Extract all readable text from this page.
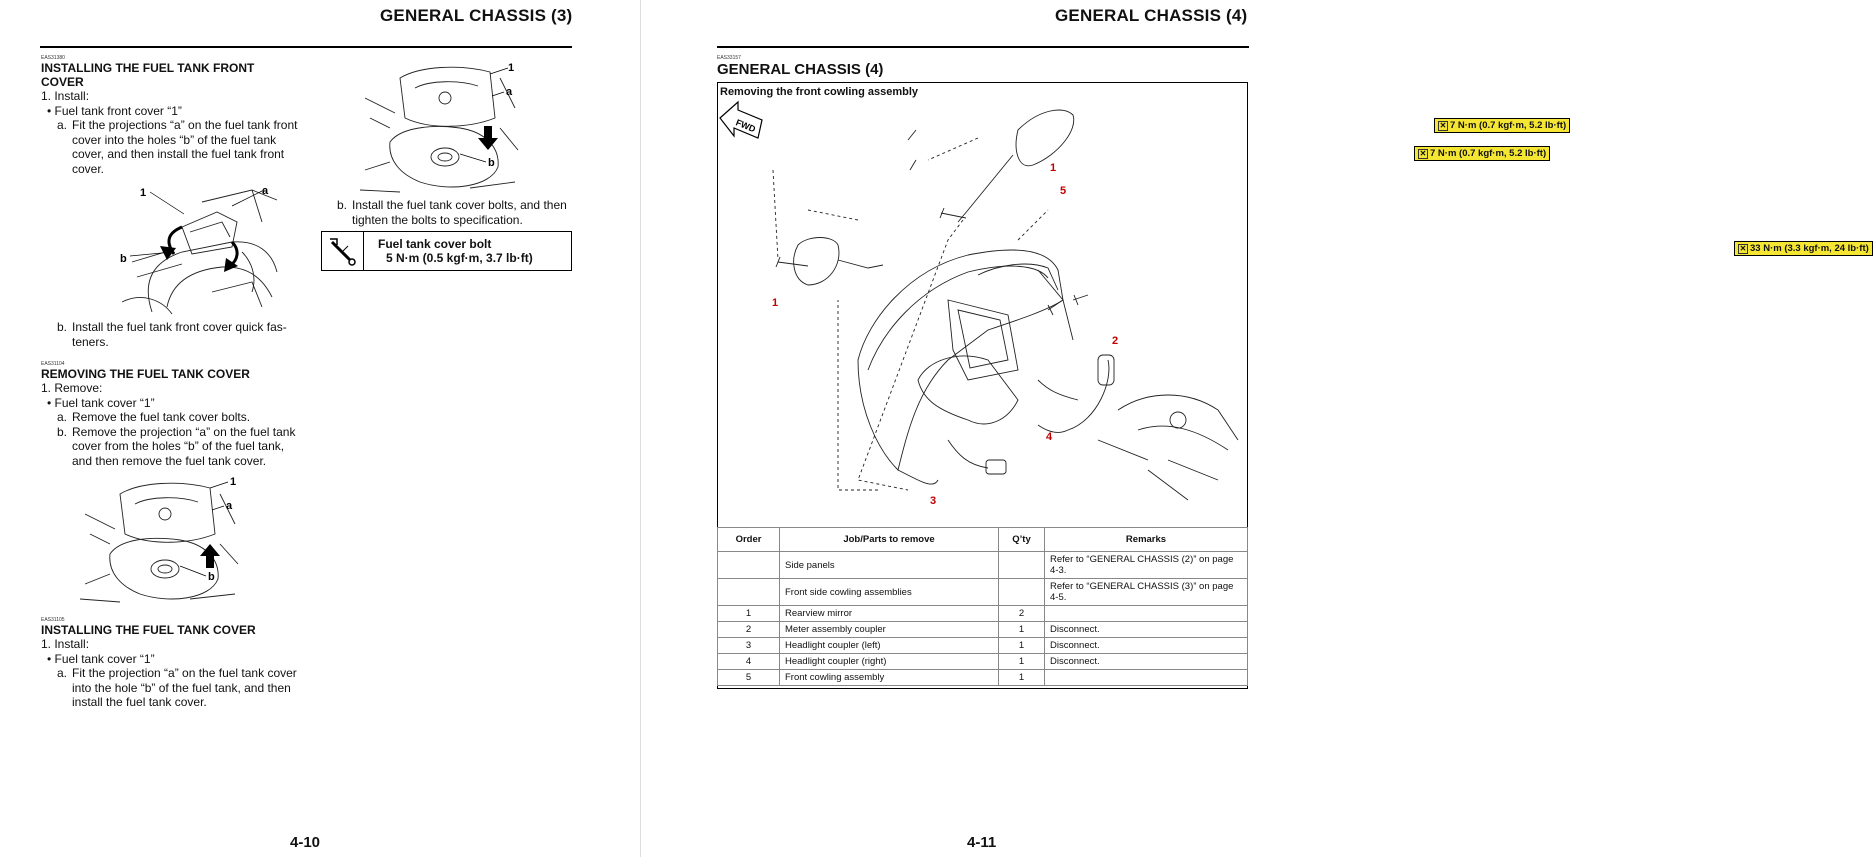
GENERAL CHASSIS (3)
EAS31380
INSTALLING THE FUEL TANK FRONT
COVER
1. Install:
• Fuel tank front cover “1”
a. Fit the projections “a” on the fuel tank front
cover into the holes “b” of the fuel tank
cover, and then install the fuel tank front
cover.
1
b
a
b. Install the fuel tank front cover quick fas-
teners.
EAS31104
REMOVING THE FUEL TANK COVER
1. Remove:
• Fuel tank cover “1”
a. Remove the fuel tank cover bolts.
b. Remove the projection “a” on the fuel tank
cover from the holes “b” of the fuel tank,
and then remove the fuel tank cover.
1
a
b
EAS31105
INSTALLING THE FUEL TANK COVER
1. Install:
• Fuel tank cover “1”
a. Fit the projection “a” on the fuel tank cover
into the hole “b” of the fuel tank, and then
install the fuel tank cover.
1
a
b
b. Install the fuel tank cover bolts, and then
tighten the bolts to specification.
Fuel tank cover bolt
5 N·m (0.5 kgf·m, 3.7 lb·ft)
4-10
GENERAL CHASSIS (4)
EAS33157
GENERAL CHASSIS (4)
Removing the front cowling assembly
FWD	✕ 7 N·m (0.7 kgf·m, 5.2 lb·ft)
✕ 7 N·m (0.7 kgf·m, 5.2 lb·ft)
✕ 33 N·m (3.3 kgf·m, 24 lb·ft)
1
5
1
2
4
3
Order	Job/Parts to remove	Q’ty	Remarks
	Side panels		Refer to “GENERAL CHASSIS (2)” on page 4-3.
	Front side cowling assemblies		Refer to “GENERAL CHASSIS (3)” on page 4-5.
1	Rearview mirror	2	
2	Meter assembly coupler	1	Disconnect.
3	Headlight coupler (left)	1	Disconnect.
4	Headlight coupler (right)	1	Disconnect.
5	Front cowling assembly	1	
4-11
